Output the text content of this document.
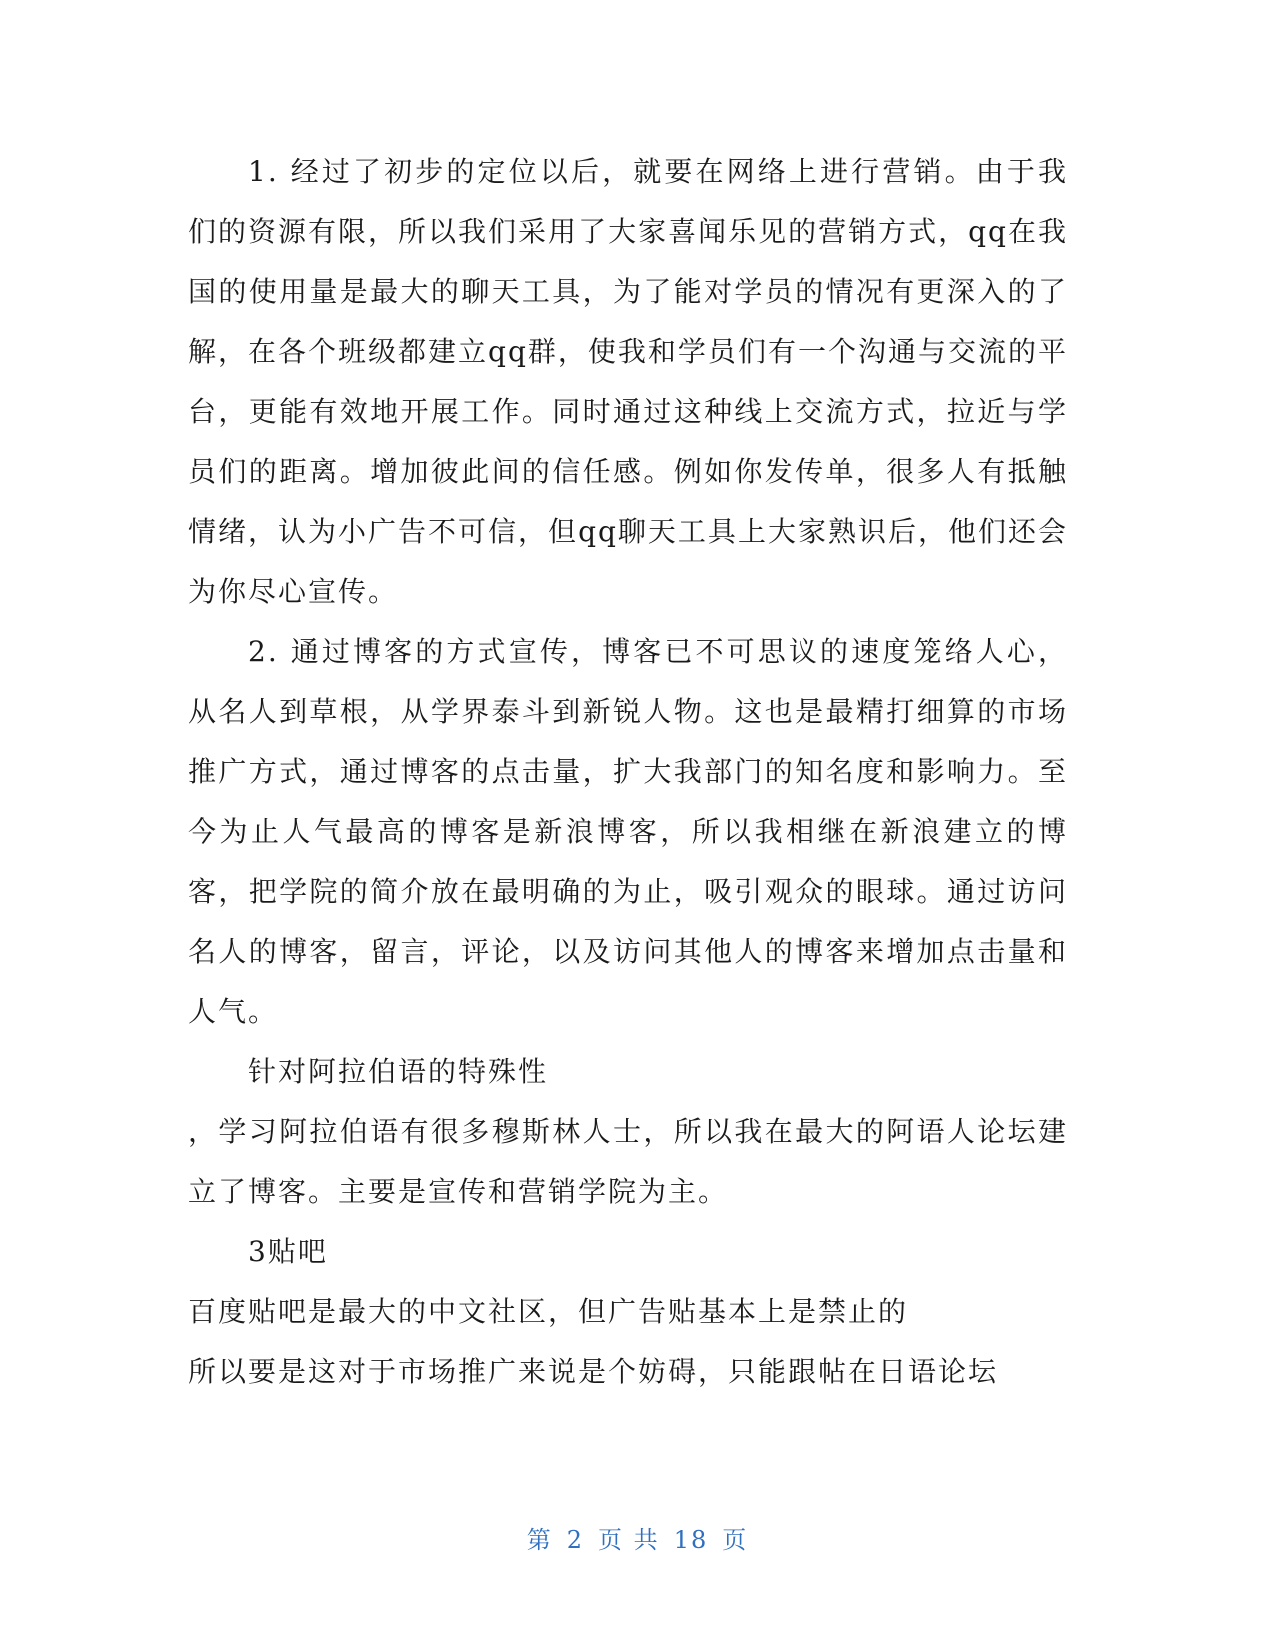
1. 经过了初步的定位以后，就要在网络上进行营销。由于我们的资源有限，所以我们采用了大家喜闻乐见的营销方式，qq在我国的使用量是最大的聊天工具，为了能对学员的情况有更深入的了解，在各个班级都建立qq群，使我和学员们有一个沟通与交流的平台，更能有效地开展工作。同时通过这种线上交流方式，拉近与学员们的距离。增加彼此间的信任感。例如你发传单，很多人有抵触情绪，认为小广告不可信，但qq聊天工具上大家熟识后，他们还会为你尽心宣传。

2. 通过博客的方式宣传，博客已不可思议的速度笼络人心，从名人到草根，从学界泰斗到新锐人物。这也是最精打细算的市场推广方式，通过博客的点击量，扩大我部门的知名度和影响力。至今为止人气最高的博客是新浪博客，所以我相继在新浪建立的博客，把学院的简介放在最明确的为止，吸引观众的眼球。通过访问名人的博客，留言，评论，以及访问其他人的博客来增加点击量和人气。

针对阿拉伯语的特殊性

，学习阿拉伯语有很多穆斯林人士，所以我在最大的阿语人论坛建立了博客。主要是宣传和营销学院为主。

3贴吧

百度贴吧是最大的中文社区，但广告贴基本上是禁止的

所以要是这对于市场推广来说是个妨碍，只能跟帖在日语论坛

第 2 页 共 18 页
